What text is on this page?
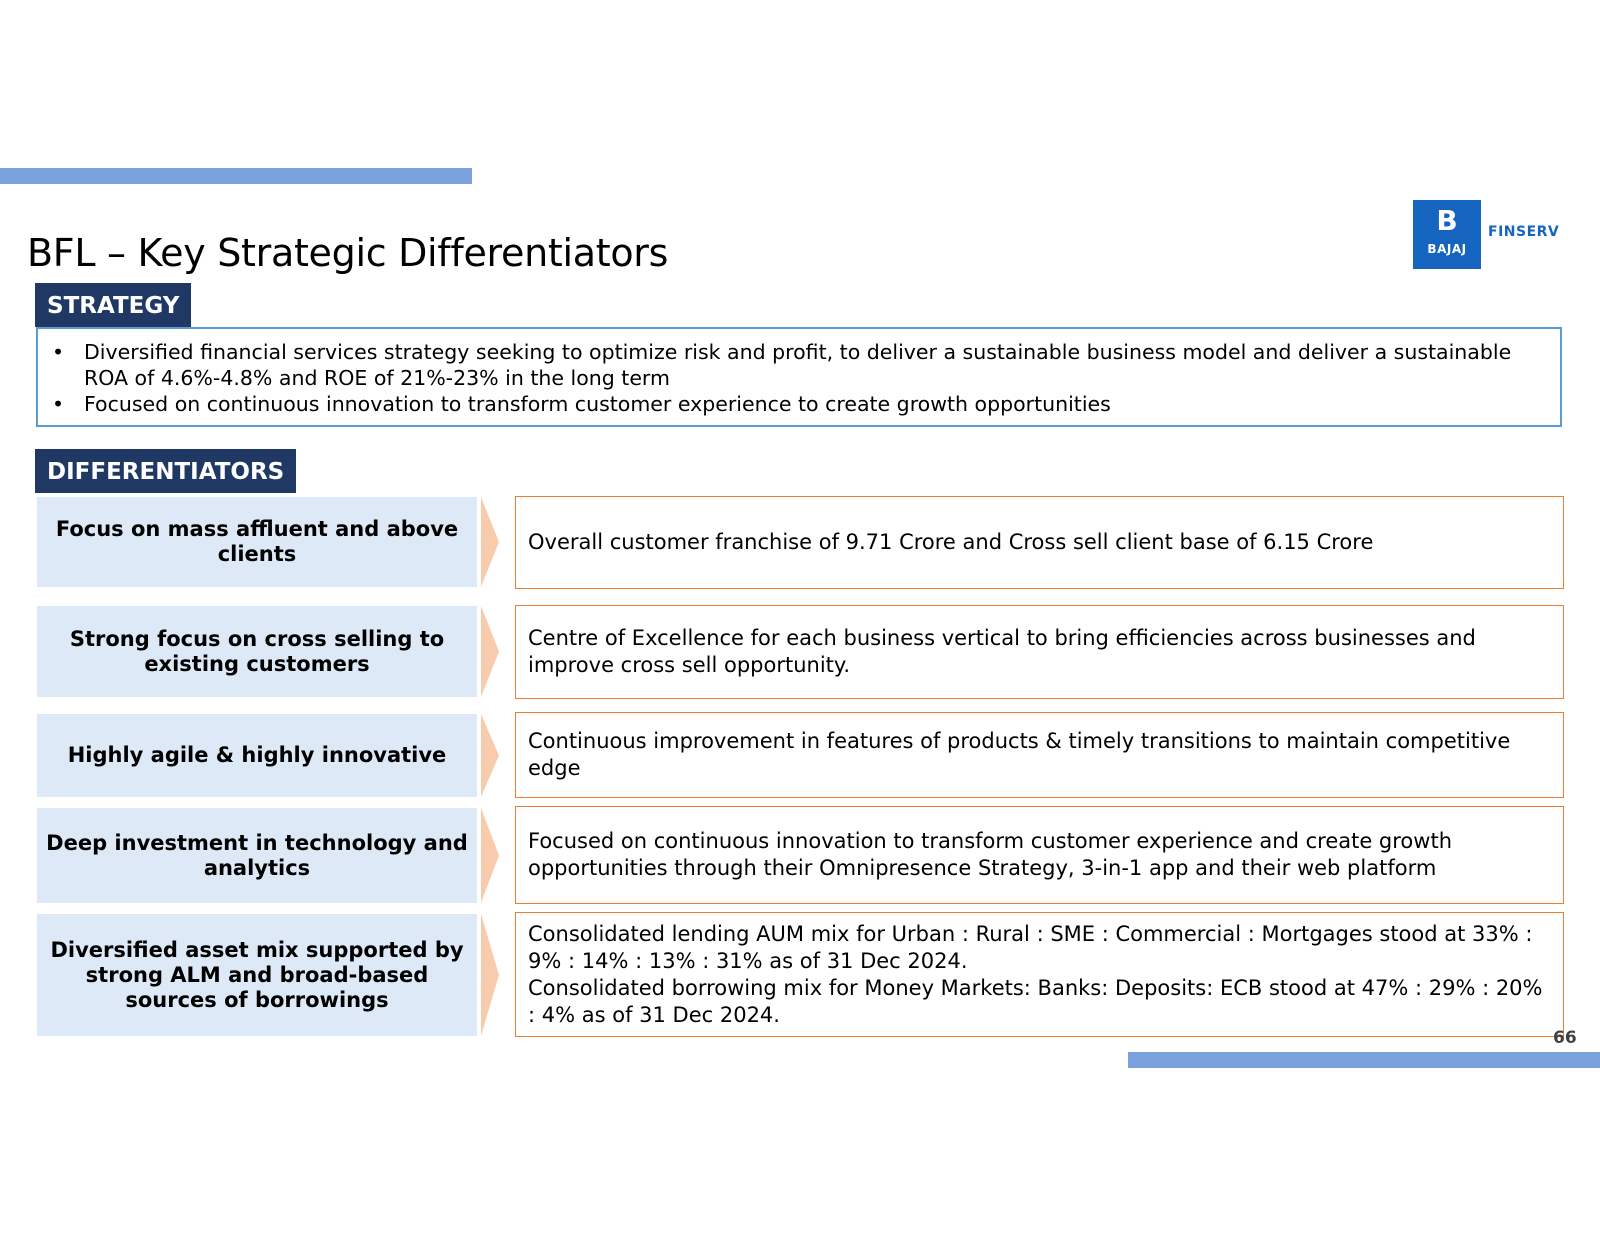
BFL – Key Strategic Differentiators
B
BAJAJ
FINSERV
STRATEGY
• Diversified financial services strategy seeking to optimize risk and profit, to deliver a sustainable business model and deliver a sustainable ROA of 4.6%-4.8% and ROE of 21%-23% in the long term
• Focused on continuous innovation to transform customer experience to create growth opportunities
DIFFERENTIATORS
Focus on mass affluent and above clients	Overall customer franchise of 9.71 Crore and Cross sell client base of 6.15 Crore
Strong focus on cross selling to existing customers
Centre of Excellence for each business vertical to bring efficiencies across businesses and improve cross sell opportunity.
Highly agile & highly innovative
Continuous improvement in features of products & timely transitions to maintain competitive edge
Deep investment in technology and analytics
Focused on continuous innovation to transform customer experience and create growth opportunities through their Omnipresence Strategy, 3-in-1 app and their web platform
Diversified asset mix supported by strong ALM and broad-based sources of borrowings
Consolidated lending AUM mix for Urban : Rural : SME : Commercial : Mortgages stood at 33% : 9% : 14% : 13% : 31% as of 31 Dec 2024.
Consolidated borrowing mix for Money Markets: Banks: Deposits: ECB stood at 47% : 29% : 20% : 4% as of 31 Dec 2024.
66
